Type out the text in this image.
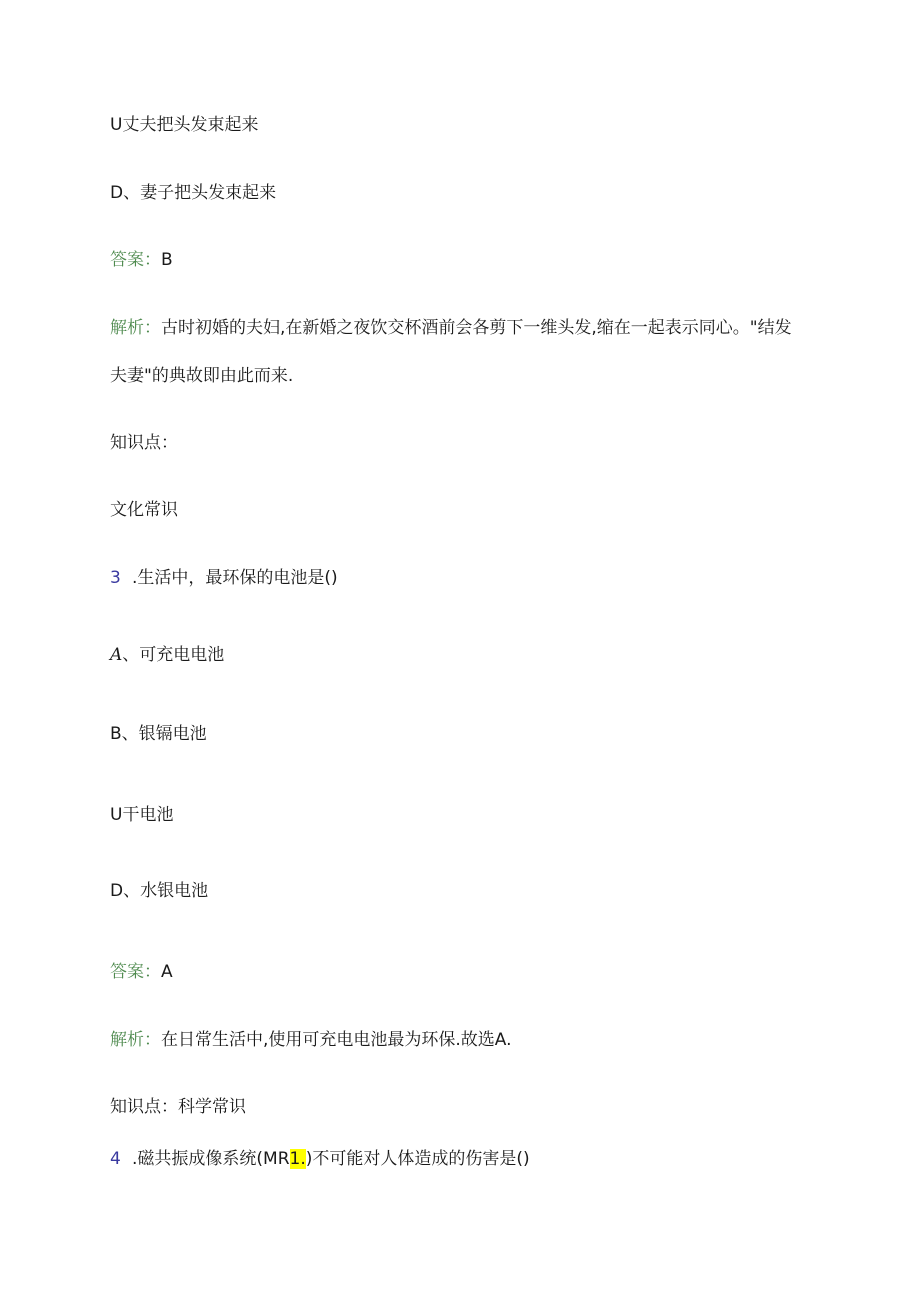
U丈夫把头发束起来
D、妻子把头发束起来
答案：B
解析：古时初婚的夫妇,在新婚之夜饮交杯酒前会各剪下一维头发,缩在一起表示同心。"结发
夫妻"的典故即由此而来.
知识点：
文化常识
3 .生活中，最环保的电池是()
A、可充电电池
B、银镉电池
U干电池
D、水银电池
答案：A
解析：在日常生活中,使用可充电电池最为环保.故选A.
知识点：科学常识
4 .磁共振成像系统(MR1.)不可能对人体造成的伤害是()
